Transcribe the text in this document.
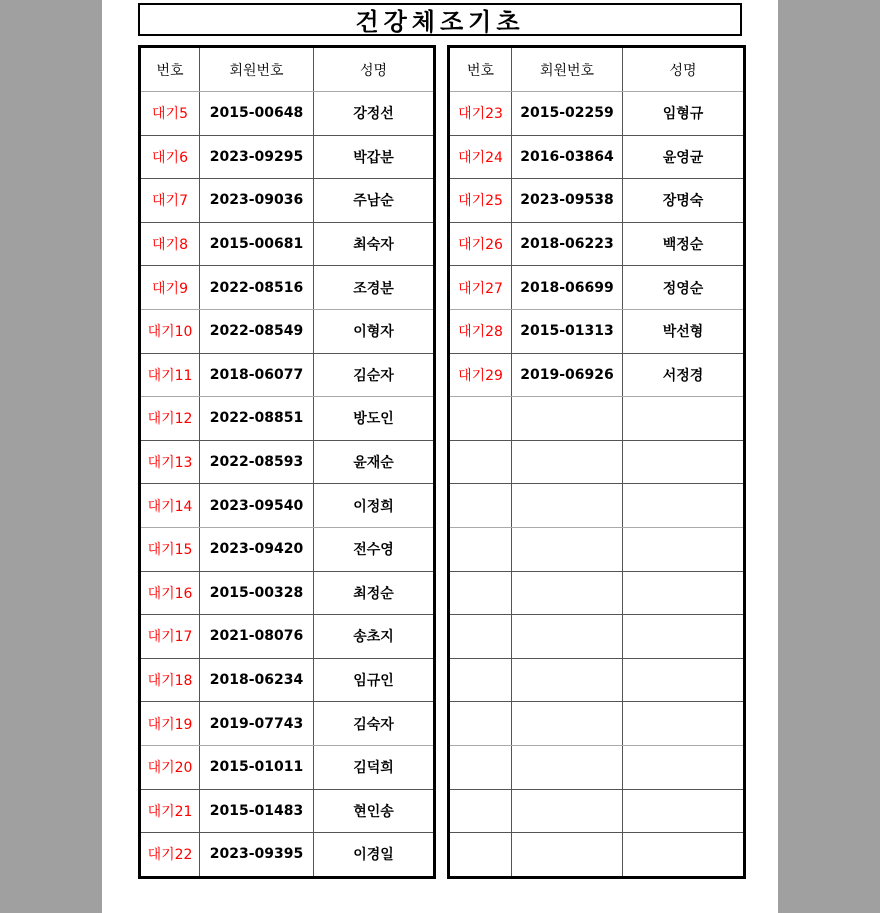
건강체조기초
번호	회원번호	성명
대기5	2015-00648	강정선
대기6	2023-09295	박갑분
대기7	2023-09036	주남순
대기8	2015-00681	최숙자
대기9	2022-08516	조경분
대기10	2022-08549	이형자
대기11	2018-06077	김순자
대기12	2022-08851	방도인
대기13	2022-08593	윤재순
대기14	2023-09540	이정희
대기15	2023-09420	전수영
대기16	2015-00328	최정순
대기17	2021-08076	송초지
대기18	2018-06234	임규인
대기19	2019-07743	김숙자
대기20	2015-01011	김덕희
대기21	2015-01483	현인송
대기22	2023-09395	이경일
번호	회원번호	성명
대기23	2015-02259	임형규
대기24	2016-03864	윤영균
대기25	2023-09538	장명숙
대기26	2018-06223	백정순
대기27	2018-06699	정영순
대기28	2015-01313	박선형
대기29	2019-06926	서정경
